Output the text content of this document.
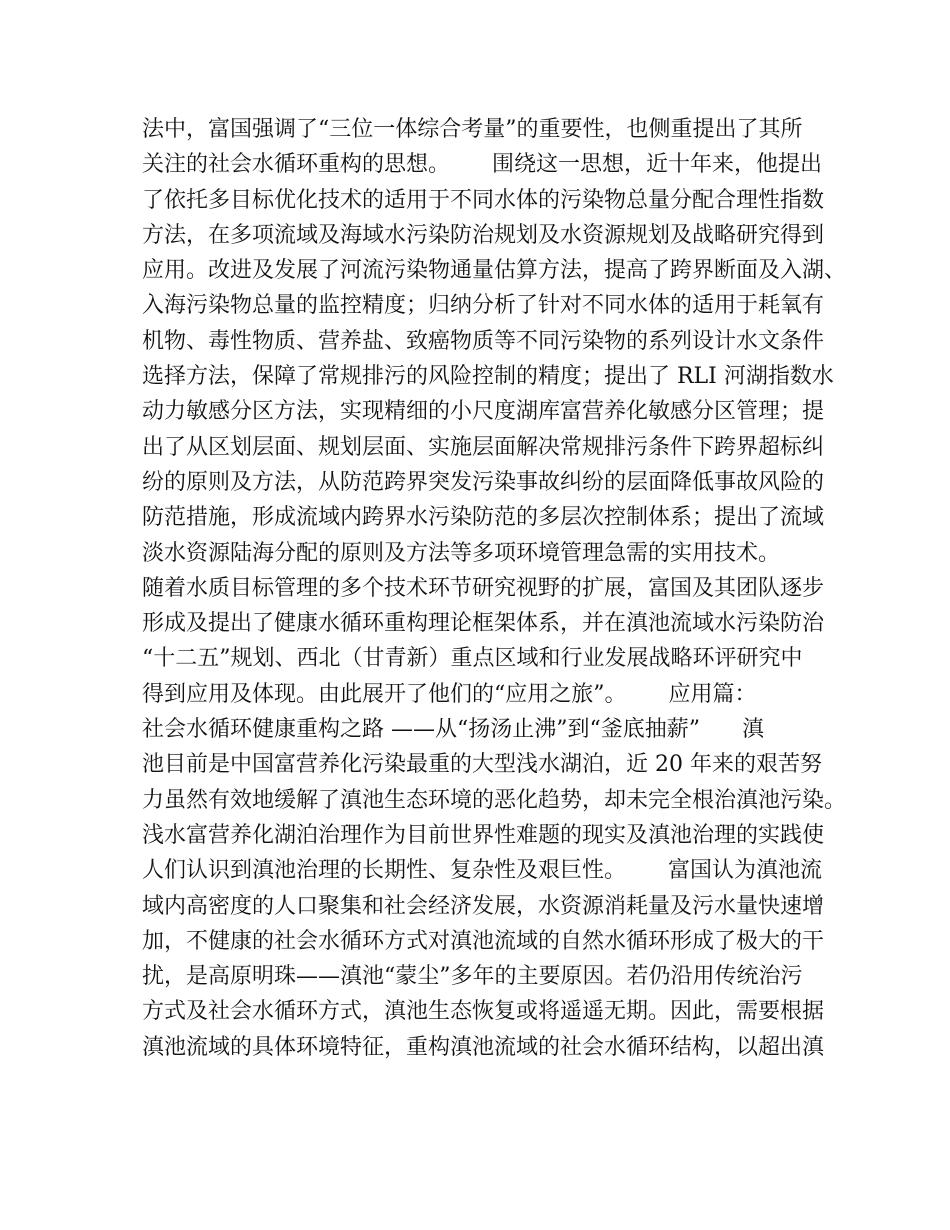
法中，富国强调了“三位一体综合考量”的重要性，也侧重提出了其所
关注的社会水循环重构的思想。      围绕这一思想，近十年来，他提出
了依托多目标优化技术的适用于不同水体的污染物总量分配合理性指数
方法，在多项流域及海域水污染防治规划及水资源规划及战略研究得到
应用。改进及发展了河流污染物通量估算方法，提高了跨界断面及入湖、
入海污染物总量的监控精度；归纳分析了针对不同水体的适用于耗氧有
机物、毒性物质、营养盐、致癌物质等不同污染物的系列设计水文条件
选择方法，保障了常规排污的风险控制的精度；提出了 RLI 河湖指数水
动力敏感分区方法，实现精细的小尺度湖库富营养化敏感分区管理；提
出了从区划层面、规划层面、实施层面解决常规排污条件下跨界超标纠
纷的原则及方法，从防范跨界突发污染事故纠纷的层面降低事故风险的
防范措施，形成流域内跨界水污染防范的多层次控制体系；提出了流域
淡水资源陆海分配的原则及方法等多项环境管理急需的实用技术。
随着水质目标管理的多个技术环节研究视野的扩展，富国及其团队逐步
形成及提出了健康水循环重构理论框架体系，并在滇池流域水污染防治
“十二五”规划、西北（甘青新）重点区域和行业发展战略环评研究中
得到应用及体现。由此展开了他们的“应用之旅”。      应用篇：
社会水循环健康重构之路 ——从“扬汤止沸”到“釜底抽薪”      滇
池目前是中国富营养化污染最重的大型浅水湖泊，近 20 年来的艰苦努
力虽然有效地缓解了滇池生态环境的恶化趋势，却未完全根治滇池污染。
浅水富营养化湖泊治理作为目前世界性难题的现实及滇池治理的实践使
人们认识到滇池治理的长期性、复杂性及艰巨性。      富国认为滇池流
域内高密度的人口聚集和社会经济发展，水资源消耗量及污水量快速增
加，不健康的社会水循环方式对滇池流域的自然水循环形成了极大的干
扰，是高原明珠——滇池“蒙尘”多年的主要原因。若仍沿用传统治污
方式及社会水循环方式，滇池生态恢复或将遥遥无期。因此，需要根据
滇池流域的具体环境特征，重构滇池流域的社会水循环结构，以超出滇
